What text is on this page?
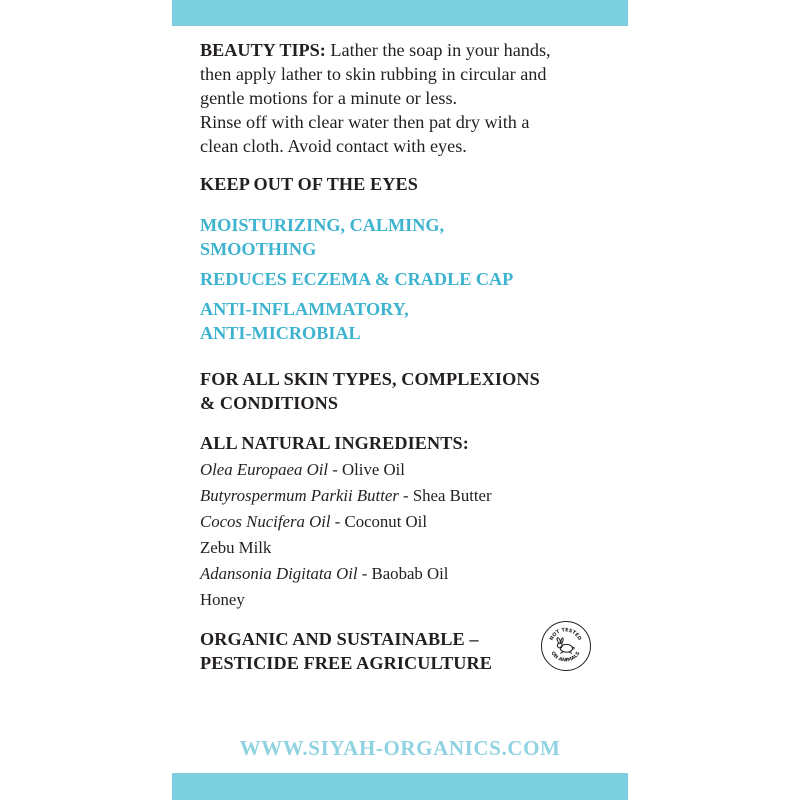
BEAUTY TIPS: Lather the soap in your hands,
then apply lather to skin rubbing in circular and
gentle motions for a minute or less.
Rinse off with clear water then pat dry with a
clean cloth. Avoid contact with eyes.

KEEP OUT OF THE EYES

MOISTURIZING, CALMING,
SMOOTHING

REDUCES ECZEMA & CRADLE CAP

ANTI-INFLAMMATORY,
ANTI-MICROBIAL

FOR ALL SKIN TYPES, COMPLEXIONS
& CONDITIONS

ALL NATURAL INGREDIENTS:

Olea Europaea Oil - Olive Oil
Butyrospermum Parkii Butter - Shea Butter
Cocos Nucifera Oil - Coconut Oil
Zebu Milk
Adansonia Digitata Oil - Baobab Oil
Honey

ORGANIC AND SUSTAINABLE –
PESTICIDE FREE AGRICULTURE

NOT TESTED
ON ANIMALS

WWW.SIYAH-ORGANICS.COM
